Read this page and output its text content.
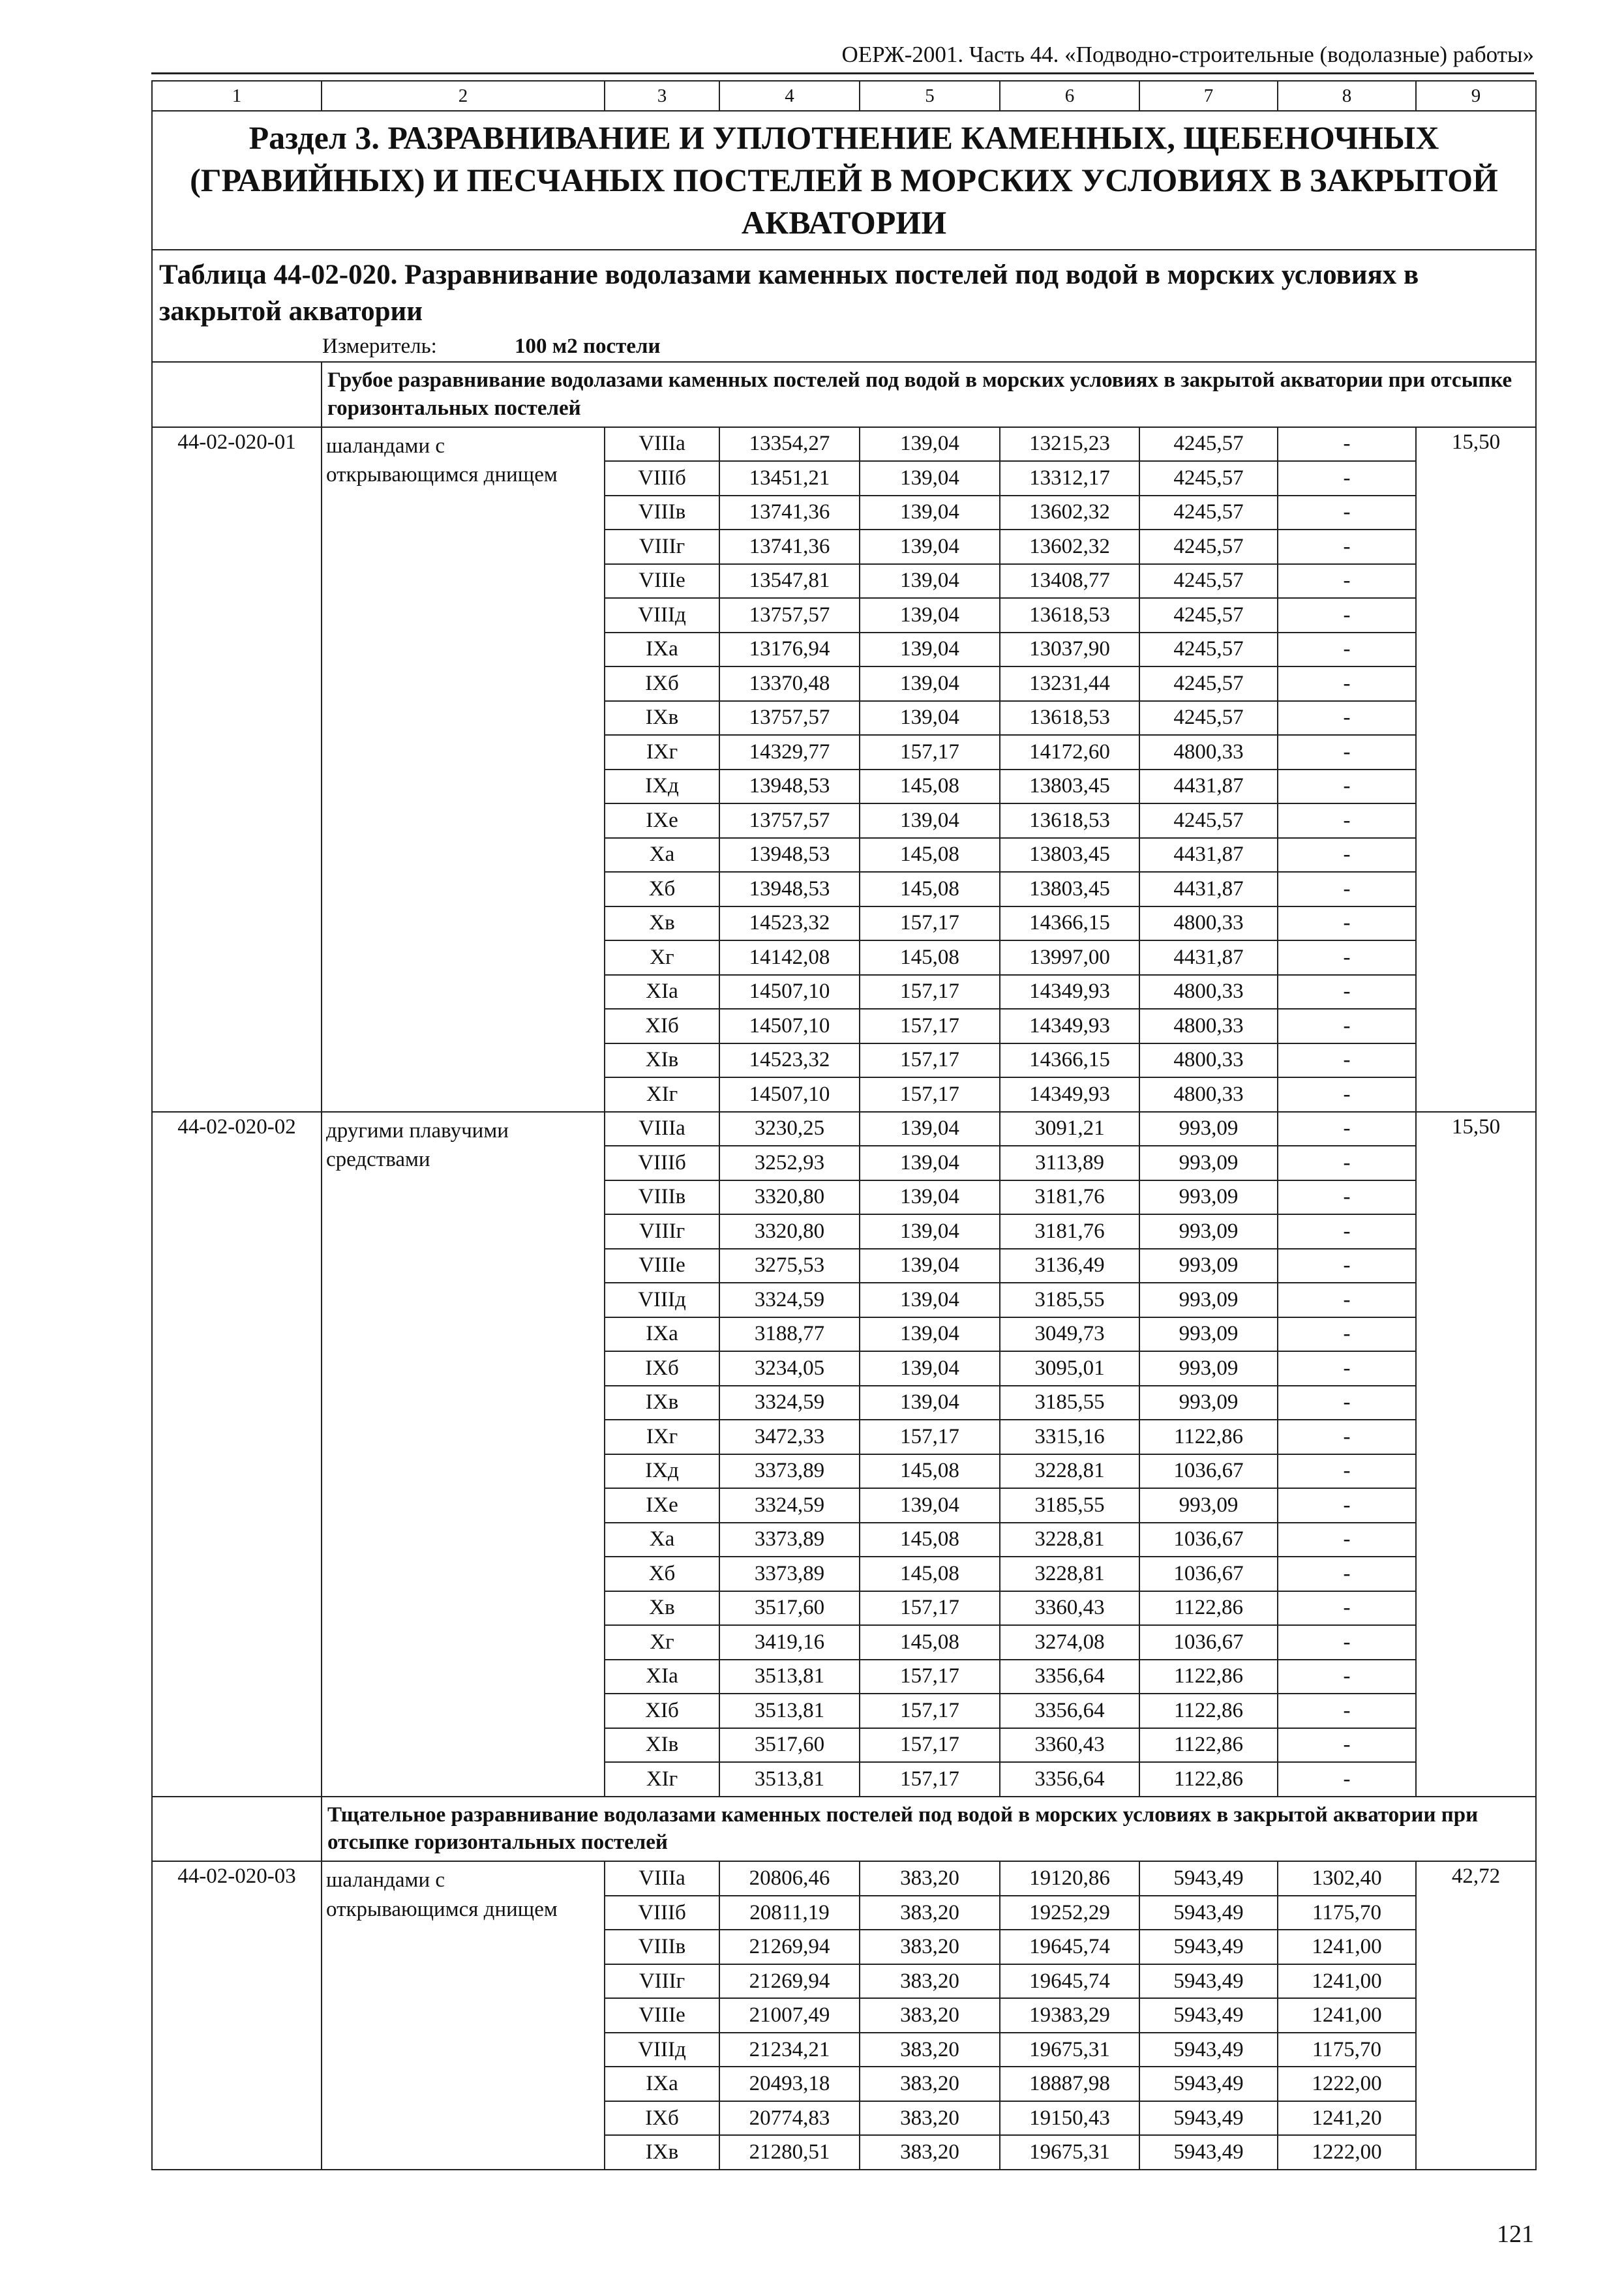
ОЕРЖ-2001. Часть 44. «Подводно-строительные (водолазные) работы»
1	2	3	4	5	6	7	8	9
Раздел 3. РАЗРАВНИВАНИЕ И УПЛОТНЕНИЕ КАМЕННЫХ, ЩЕБЕНОЧНЫХ (ГРАВИЙНЫХ) И ПЕСЧАНЫХ ПОСТЕЛЕЙ В МОРСКИХ УСЛОВИЯХ В ЗАКРЫТОЙ АКВАТОРИИ								
Таблица 44-02-020. Разравнивание водолазами каменных постелей под водой в морских условиях в закрытой акватории								
Измеритель: 100 м2 постели								
	Грубое разравнивание водолазами каменных постелей под водой в морских условиях в закрытой акватории при отсыпке горизонтальных постелей							
44-02-020-01	шаландами с открывающимся днищем	VIIIа	13354,27	139,04	13215,23	4245,57	-	15,50
		VIIIб	13451,21	139,04	13312,17	4245,57	-	
		VIIIв	13741,36	139,04	13602,32	4245,57	-	
		VIIIг	13741,36	139,04	13602,32	4245,57	-	
		VIIIе	13547,81	139,04	13408,77	4245,57	-	
		VIIIд	13757,57	139,04	13618,53	4245,57	-	
		IXа	13176,94	139,04	13037,90	4245,57	-	
		IXб	13370,48	139,04	13231,44	4245,57	-	
		IXв	13757,57	139,04	13618,53	4245,57	-	
		IXг	14329,77	157,17	14172,60	4800,33	-	
		IXд	13948,53	145,08	13803,45	4431,87	-	
		IXе	13757,57	139,04	13618,53	4245,57	-	
		Xа	13948,53	145,08	13803,45	4431,87	-	
		Xб	13948,53	145,08	13803,45	4431,87	-	
		Xв	14523,32	157,17	14366,15	4800,33	-	
		Xг	14142,08	145,08	13997,00	4431,87	-	
		XIа	14507,10	157,17	14349,93	4800,33	-	
		XIб	14507,10	157,17	14349,93	4800,33	-	
		XIв	14523,32	157,17	14366,15	4800,33	-	
		XIг	14507,10	157,17	14349,93	4800,33	-	
44-02-020-02	другими плавучими средствами	VIIIа	3230,25	139,04	3091,21	993,09	-	15,50
		VIIIб	3252,93	139,04	3113,89	993,09	-	
		VIIIв	3320,80	139,04	3181,76	993,09	-	
		VIIIг	3320,80	139,04	3181,76	993,09	-	
		VIIIе	3275,53	139,04	3136,49	993,09	-	
		VIIIд	3324,59	139,04	3185,55	993,09	-	
		IXа	3188,77	139,04	3049,73	993,09	-	
		IXб	3234,05	139,04	3095,01	993,09	-	
		IXв	3324,59	139,04	3185,55	993,09	-	
		IXг	3472,33	157,17	3315,16	1122,86	-	
		IXд	3373,89	145,08	3228,81	1036,67	-	
		IXе	3324,59	139,04	3185,55	993,09	-	
		Xа	3373,89	145,08	3228,81	1036,67	-	
		Xб	3373,89	145,08	3228,81	1036,67	-	
		Xв	3517,60	157,17	3360,43	1122,86	-	
		Xг	3419,16	145,08	3274,08	1036,67	-	
		XIа	3513,81	157,17	3356,64	1122,86	-	
		XIб	3513,81	157,17	3356,64	1122,86	-	
		XIв	3517,60	157,17	3360,43	1122,86	-	
		XIг	3513,81	157,17	3356,64	1122,86	-	
	Тщательное разравнивание водолазами каменных постелей под водой в морских условиях в закрытой акватории при отсыпке горизонтальных постелей							
44-02-020-03	шаландами с открывающимся днищем	VIIIа	20806,46	383,20	19120,86	5943,49	1302,40	42,72
		VIIIб	20811,19	383,20	19252,29	5943,49	1175,70	
		VIIIв	21269,94	383,20	19645,74	5943,49	1241,00	
		VIIIг	21269,94	383,20	19645,74	5943,49	1241,00	
		VIIIе	21007,49	383,20	19383,29	5943,49	1241,00	
		VIIIд	21234,21	383,20	19675,31	5943,49	1175,70	
		IXа	20493,18	383,20	18887,98	5943,49	1222,00	
		IXб	20774,83	383,20	19150,43	5943,49	1241,20	
		IXв	21280,51	383,20	19675,31	5943,49	1222,00	
121
